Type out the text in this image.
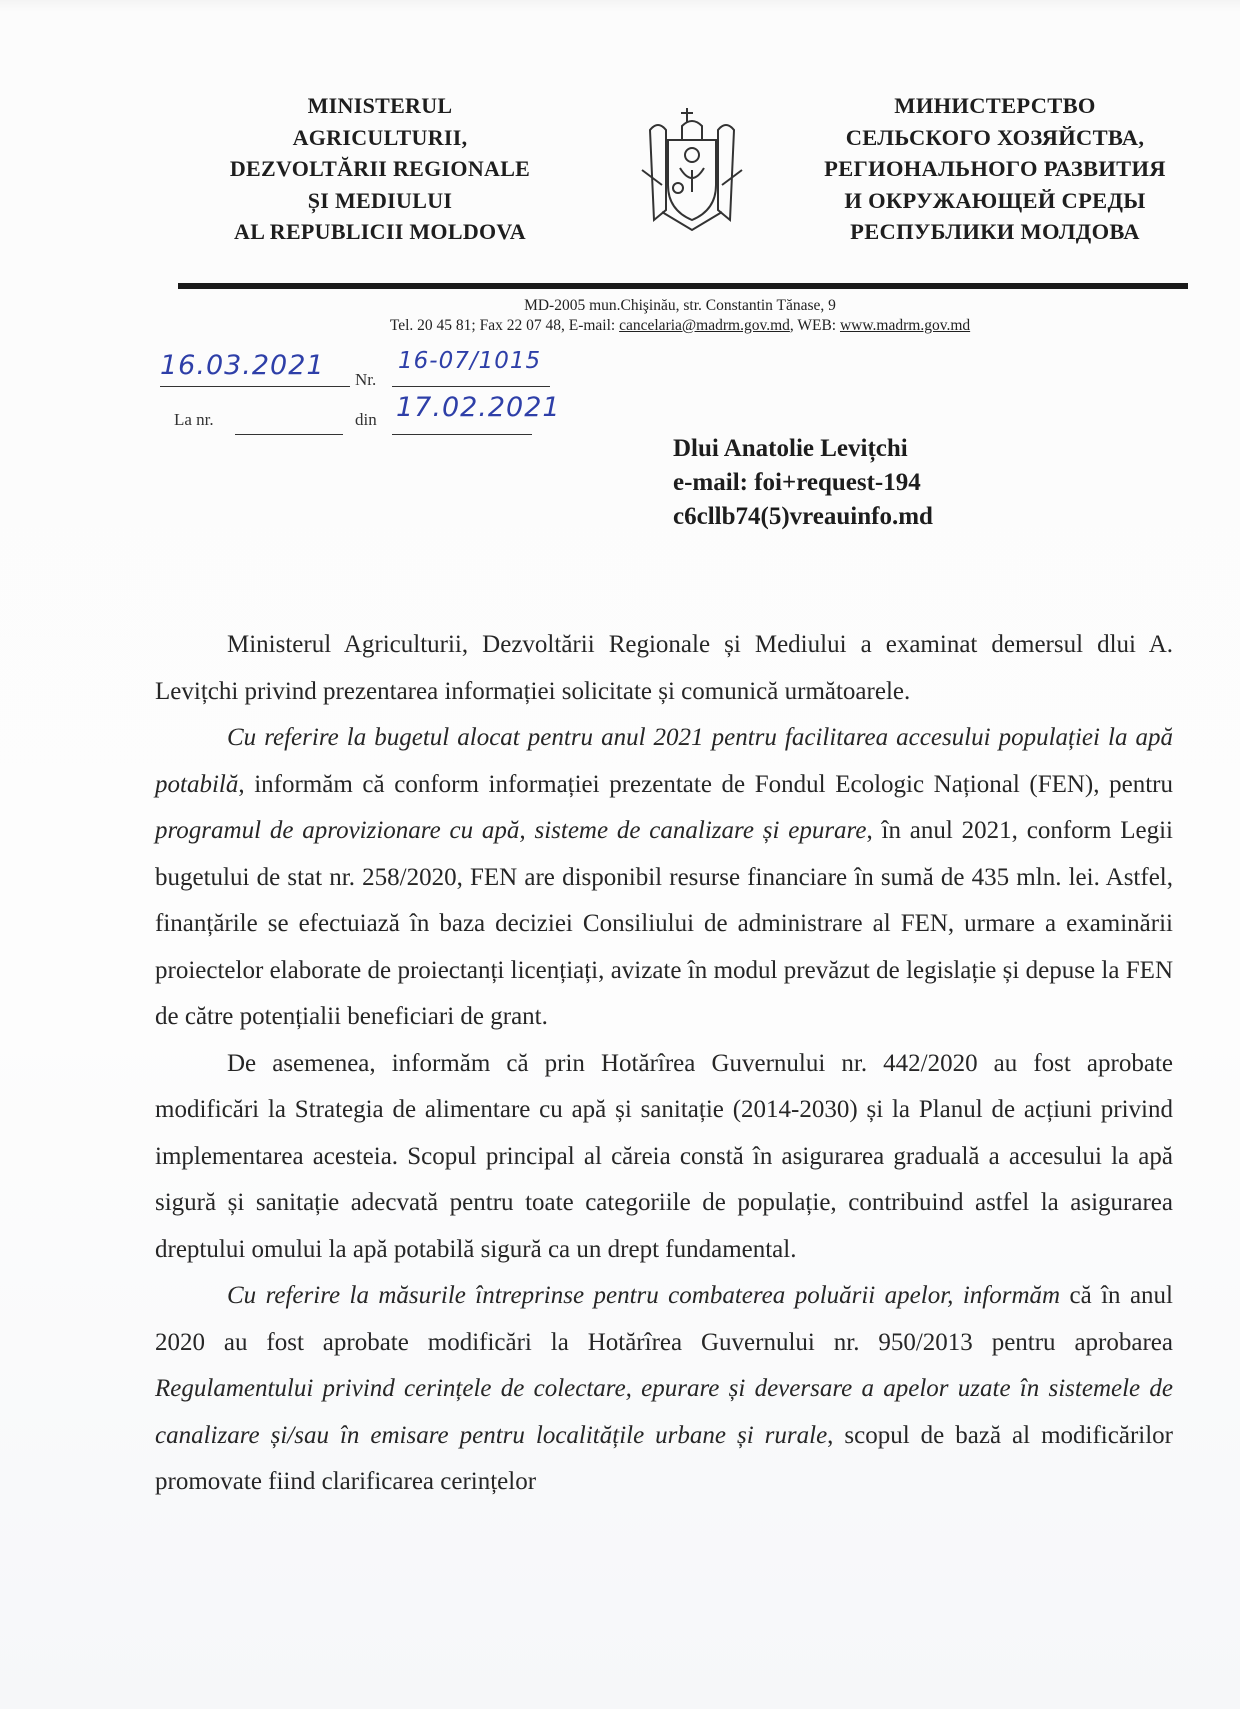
MINISTERUL
AGRICULTURII,
DEZVOLTĂRII REGIONALE
ȘI MEDIULUI
AL REPUBLICII MOLDOVA
МИНИСТЕРСТВО
СЕЛЬСКОГО ХОЗЯЙСТВА,
РЕГИОНАЛЬНОГО РАЗВИТИЯ
И ОКРУЖАЮЩЕЙ СРЕДЫ
РЕСПУБЛИКИ МОЛДОВА
MD-2005 mun.Chişinău, str. Constantin Tănase, 9
Tel. 20 45 81; Fax 22 07 48, E-mail: cancelaria@madrm.gov.md, WEB: www.madrm.gov.md
16.03.2021 Nr.
16-07/1015
La nr.	din 17.02.2021
Dlui Anatolie Levițchi
e-mail: foi+request-194
c6cllb74(5)vreauinfo.md

Ministerul Agriculturii, Dezvoltării Regionale și Mediului a examinat demersul dlui A. Levițchi privind prezentarea informației solicitate și comunică următoarele.

Cu referire la bugetul alocat pentru anul 2021 pentru facilitarea accesului populației la apă potabilă, informăm că conform informației prezentate de Fondul Ecologic Național (FEN), pentru programul de aprovizionare cu apă, sisteme de canalizare și epurare, în anul 2021, conform Legii bugetului de stat nr. 258/2020, FEN are disponibil resurse financiare în sumă de 435 mln. lei. Astfel, finanțările se efectuiază în baza deciziei Consiliului de administrare al FEN, urmare a examinării proiectelor elaborate de proiectanți licențiați, avizate în modul prevăzut de legislație și depuse la FEN de către potențialii beneficiari de grant.

De asemenea, informăm că prin Hotărîrea Guvernului nr. 442/2020 au fost aprobate modificări la Strategia de alimentare cu apă și sanitație (2014-2030) și la Planul de acțiuni privind implementarea acesteia. Scopul principal al căreia constă în asigurarea graduală a accesului la apă sigură și sanitație adecvată pentru toate categoriile de populație, contribuind astfel la asigurarea dreptului omului la apă potabilă sigură ca un drept fundamental.

Cu referire la măsurile întreprinse pentru combaterea poluării apelor, informăm că în anul 2020 au fost aprobate modificări la Hotărîrea Guvernului nr. 950/2013 pentru aprobarea Regulamentului privind cerințele de colectare, epurare și deversare a apelor uzate în sistemele de canalizare și/sau în emisare pentru localitățile urbane și rurale, scopul de bază al modificărilor promovate fiind clarificarea cerințelor
